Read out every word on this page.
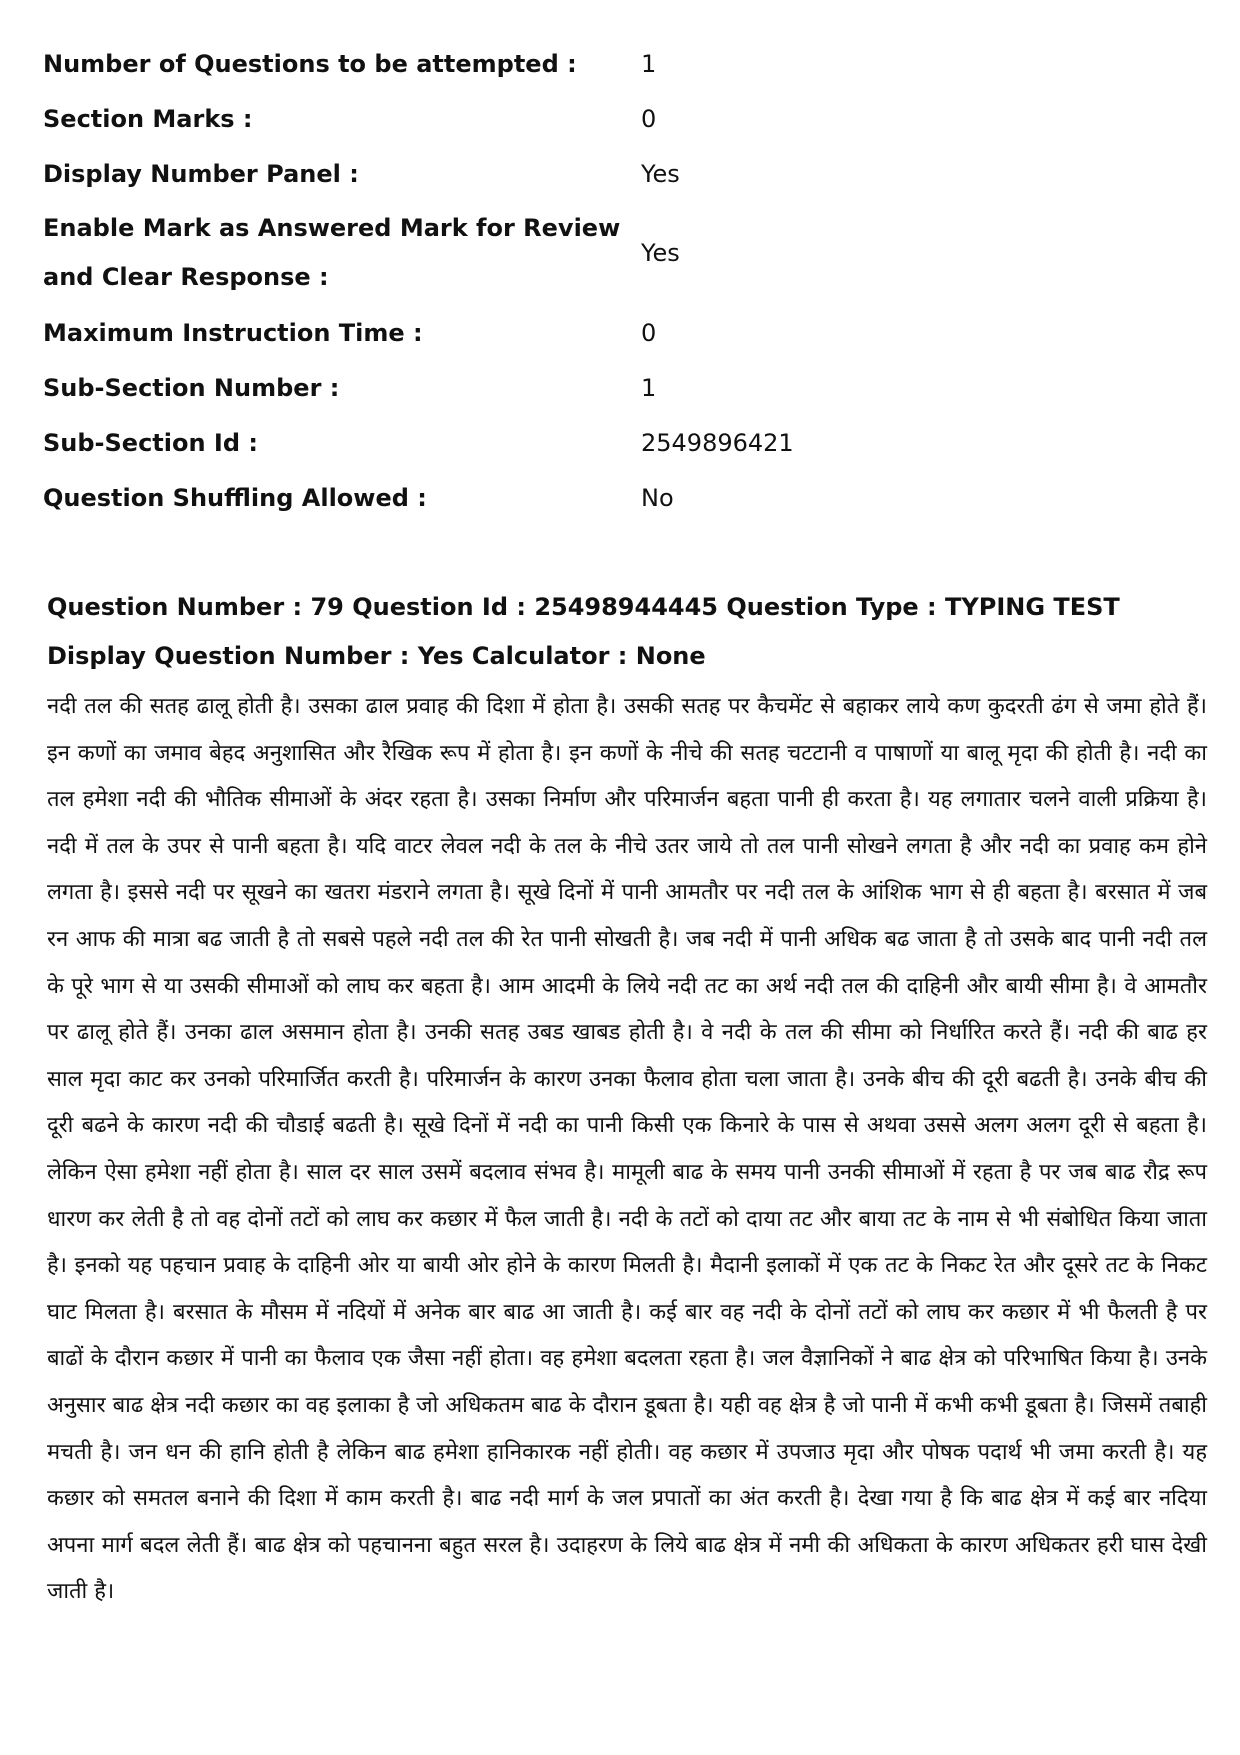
Number of Questions to be attempted :	1
Section Marks :	0
Display Number Panel :	Yes
Enable Mark as Answered Mark for Review and Clear Response :	Yes
Maximum Instruction Time :	0
Sub-Section Number :	1
Sub-Section Id :	2549896421
Question Shuffling Allowed :	No
Question Number : 79 Question Id : 25498944445 Question Type : TYPING TEST Display Question Number : Yes Calculator : None
नदी तल की सतह ढालू होती है। उसका ढाल प्रवाह की दिशा में होता है। उसकी सतह पर कैचमेंट से बहाकर लाये कण कुदरती ढंग से जमा होते हैं। इन कणों का जमाव बेहद अनुशासित और रैखिक रूप में होता है। इन कणों के नीचे की सतह चटटानी व पाषाणों या बालू मृदा की होती है। नदी का तल हमेशा नदी की भौतिक सीमाओं के अंदर रहता है। उसका निर्माण और परिमार्जन बहता पानी ही करता है। यह लगातार चलने वाली प्रक्रिया है। नदी में तल के उपर से पानी बहता है। यदि वाटर लेवल नदी के तल के नीचे उतर जाये तो तल पानी सोखने लगता है और नदी का प्रवाह कम होने लगता है। इससे नदी पर सूखने का खतरा मंडराने लगता है। सूखे दिनों में पानी आमतौर पर नदी तल के आंशिक भाग से ही बहता है। बरसात में जब रन आफ की मात्रा बढ जाती है तो सबसे पहले नदी तल की रेत पानी सोखती है। जब नदी में पानी अधिक बढ जाता है तो उसके बाद पानी नदी तल के पूरे भाग से या उसकी सीमाओं को लाघ कर बहता है। आम आदमी के लिये नदी तट का अर्थ नदी तल की दाहिनी और बायी सीमा है। वे आमतौर पर ढालू होते हैं। उनका ढाल असमान होता है। उनकी सतह उबड खाबड होती है। वे नदी के तल की सीमा को निर्धारित करते हैं। नदी की बाढ हर साल मृदा काट कर उनको परिमार्जित करती है। परिमार्जन के कारण उनका फैलाव होता चला जाता है। उनके बीच की दूरी बढती है। उनके बीच की दूरी बढने के कारण नदी की चौडाई बढती है। सूखे दिनों में नदी का पानी किसी एक किनारे के पास से अथवा उससे अलग अलग दूरी से बहता है। लेकिन ऐसा हमेशा नहीं होता है। साल दर साल उसमें बदलाव संभव है। मामूली बाढ के समय पानी उनकी सीमाओं में रहता है पर जब बाढ रौद्र रूप धारण कर लेती है तो वह दोनों तटों को लाघ कर कछार में फैल जाती है। नदी के तटों को दाया तट और बाया तट के नाम से भी संबोधित किया जाता है। इनको यह पहचान प्रवाह के दाहिनी ओर या बायी ओर होने के कारण मिलती है। मैदानी इलाकों में एक तट के निकट रेत और दूसरे तट के निकट घाट मिलता है। बरसात के मौसम में नदियों में अनेक बार बाढ आ जाती है। कई बार वह नदी के दोनों तटों को लाघ कर कछार में भी फैलती है पर बाढों के दौरान कछार में पानी का फैलाव एक जैसा नहीं होता। वह हमेशा बदलता रहता है। जल वैज्ञानिकों ने बाढ क्षेत्र को परिभाषित किया है। उनके अनुसार बाढ क्षेत्र नदी कछार का वह इलाका है जो अधिकतम बाढ के दौरान डूबता है। यही वह क्षेत्र है जो पानी में कभी कभी डूबता है। जिसमें तबाही मचती है। जन धन की हानि होती है लेकिन बाढ हमेशा हानिकारक नहीं होती। वह कछार में उपजाउ मृदा और पोषक पदार्थ भी जमा करती है। यह कछार को समतल बनाने की दिशा में काम करती है। बाढ नदी मार्ग के जल प्रपातों का अंत करती है। देखा गया है कि बाढ क्षेत्र में कई बार नदिया अपना मार्ग बदल लेती हैं। बाढ क्षेत्र को पहचानना बहुत सरल है। उदाहरण के लिये बाढ क्षेत्र में नमी की अधिकता के कारण अधिकतर हरी घास देखी जाती है।
